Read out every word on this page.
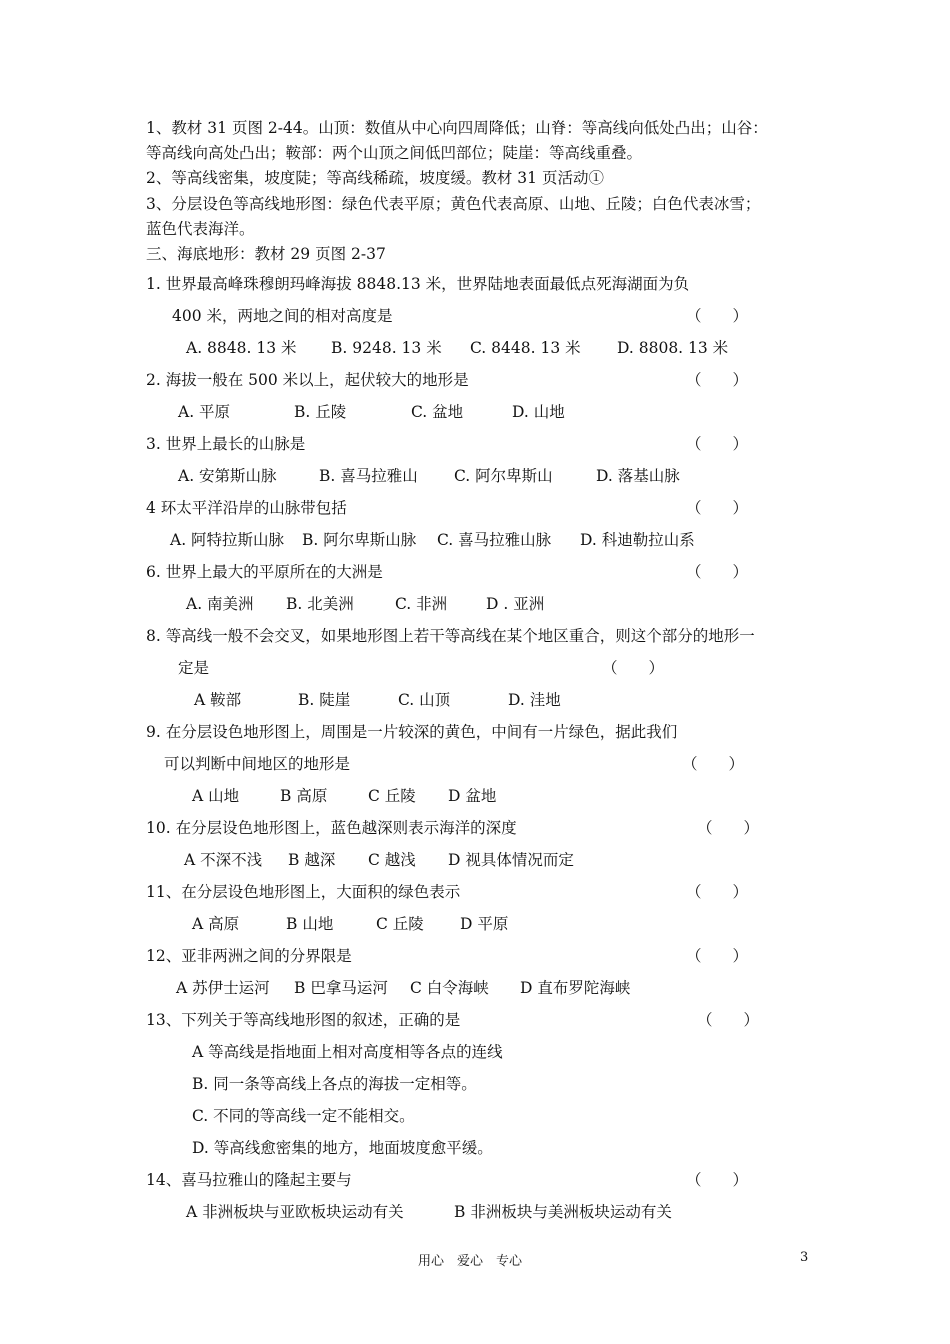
1、教材 31 页图 2-44。山顶：数值从中心向四周降低；山脊：等高线向低处凸出；山谷：
等高线向高处凸出；鞍部：两个山顶之间低凹部位；陡崖：等高线重叠。
2、等高线密集，坡度陡；等高线稀疏，坡度缓。教材 31 页活动①
3、分层设色等高线地形图：绿色代表平原；黄色代表高原、山地、丘陵；白色代表冰雪；
蓝色代表海洋。
三、海底地形：教材 29 页图 2-37
1. 世界最高峰珠穆朗玛峰海拔 8848.13 米，世界陆地表面最低点死海湖面为负
400 米，两地之间的相对高度是	（　　）
A. 8848. 13 米 B. 9248. 13 米 C. 8448. 13 米 D. 8808. 13 米
2. 海拔一般在 500 米以上，起伏较大的地形是	（　　）
A. 平原	B. 丘陵	C. 盆地	D. 山地
3. 世界上最长的山脉是	（　　）
A. 安第斯山脉	B. 喜马拉雅山 C. 阿尔卑斯山	D. 落基山脉
4 环太平洋沿岸的山脉带包括	（　　）
A. 阿特拉斯山脉 B. 阿尔卑斯山脉 C. 喜马拉雅山脉 D. 科迪勒拉山系
6. 世界上最大的平原所在的大洲是	（　　）
A. 南美洲 B. 北美洲	C. 非洲	D . 亚洲
8. 等高线一般不会交叉，如果地形图上若干等高线在某个地区重合，则这个部分的地形一
定是	（　　）
A 鞍部	B. 陡崖	C. 山顶	D. 洼地
9. 在分层设色地形图上，周围是一片较深的黄色，中间有一片绿色，据此我们
可以判断中间地区的地形是	（　　）
A 山地	B 高原	C 丘陵 D 盆地
10. 在分层设色地形图上，蓝色越深则表示海洋的深度	（　　）
A 不深不浅 B 越深 C 越浅 D 视具体情况而定
11、在分层设色地形图上，大面积的绿色表示	（　　）
A 高原	B 山地	C 丘陵 D 平原
12、亚非两洲之间的分界限是	（　　）
A 苏伊士运河 B 巴拿马运河 C 白令海峡 D 直布罗陀海峡
13、下列关于等高线地形图的叙述，正确的是	（　　）
A 等高线是指地面上相对高度相等各点的连线
B. 同一条等高线上各点的海拔一定相等。
C. 不同的等高线一定不能相交。
D. 等高线愈密集的地方，地面坡度愈平缓。
14、喜马拉雅山的隆起主要与	（　　）
A 非洲板块与亚欧板块运动有关	B 非洲板块与美洲板块运动有关
用心　爱心　专心	3
